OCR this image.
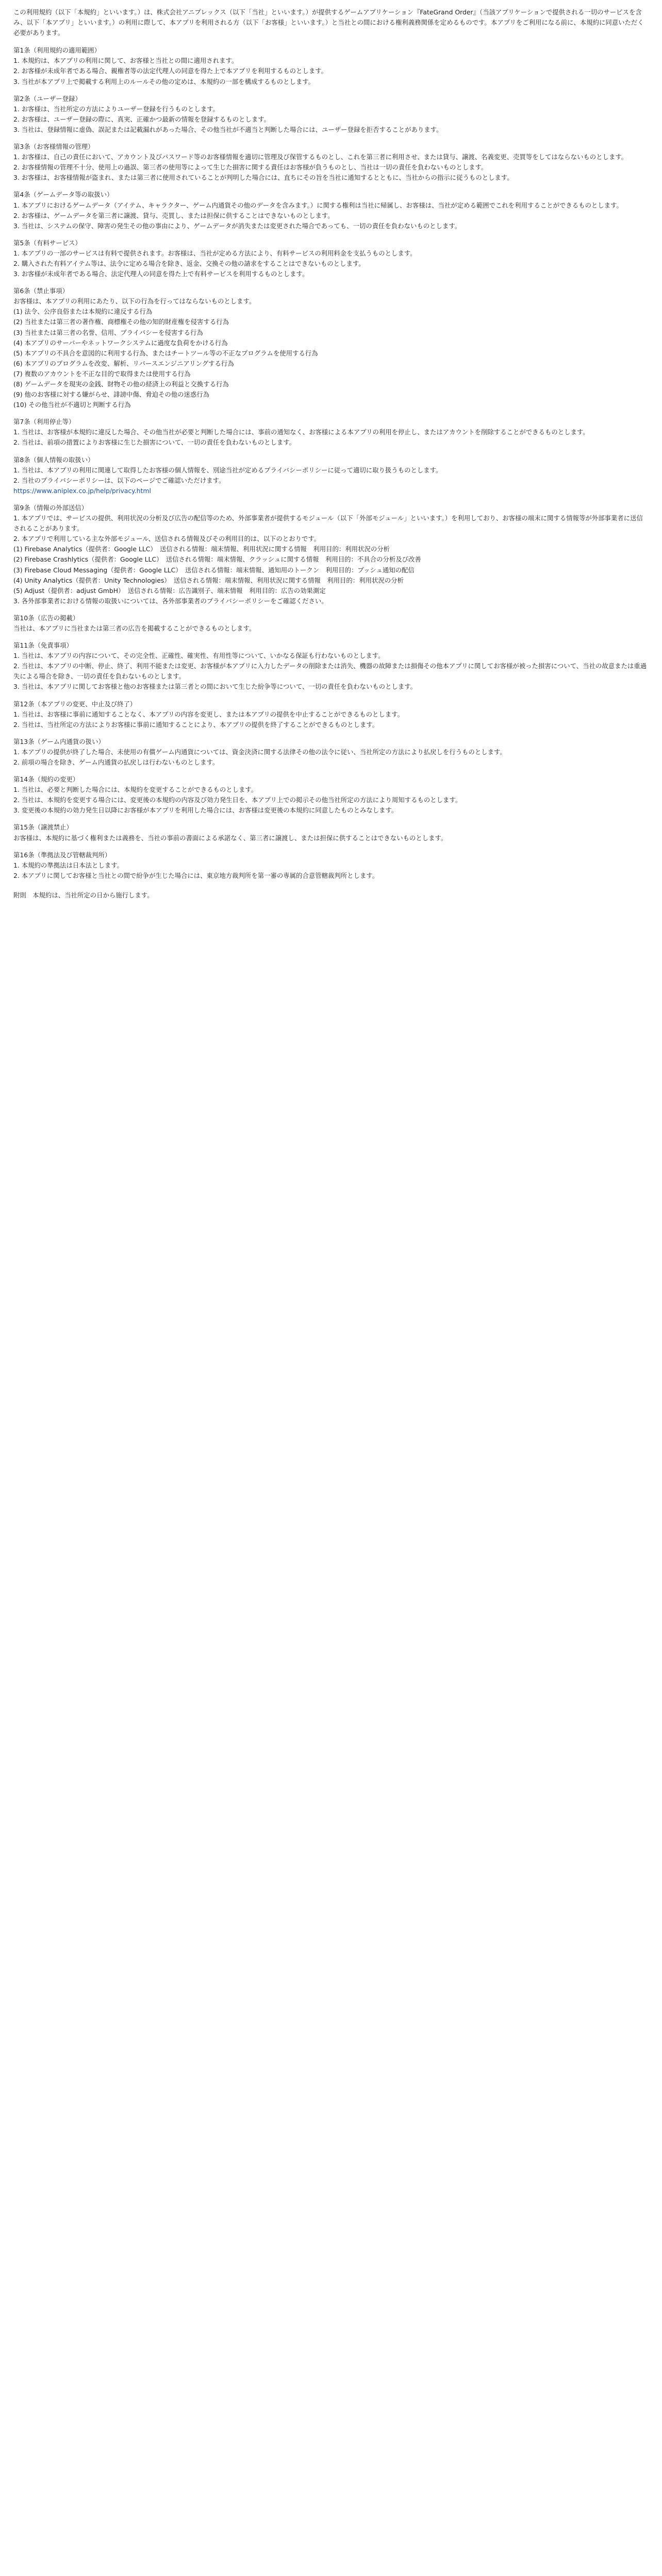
この利用規約（以下「本規約」といいます。）は、株式会社アニプレックス（以下「当社」といいます。）が提供するゲームアプリケーション『FateGrand Order』（当該アプリケーションで提供される一切のサービスを含み、以下「本アプリ」といいます。）の利用に際して、本アプリを利用される方（以下「お客様」といいます。）と当社との間における権利義務関係を定めるものです。本アプリをご利用になる前に、本規約に同意いただく必要があります。

第1条（利用規約の適用範囲）

1. 本規約は、本アプリの利用に関して、お客様と当社との間に適用されます。

2. お客様が未成年者である場合、親権者等の法定代理人の同意を得た上で本アプリを利用するものとします。

3. 当社が本アプリ上で掲載する利用上のルールその他の定めは、本規約の一部を構成するものとします。

第2条（ユーザー登録）

1. お客様は、当社所定の方法によりユーザー登録を行うものとします。

2. お客様は、ユーザー登録の際に、真実、正確かつ最新の情報を登録するものとします。

3. 当社は、登録情報に虚偽、誤記または記載漏れがあった場合、その他当社が不適当と判断した場合には、ユーザー登録を拒否することがあります。

第3条（お客様情報の管理）

1. お客様は、自己の責任において、アカウント及びパスワード等のお客様情報を適切に管理及び保管するものとし、これを第三者に利用させ、または貸与、譲渡、名義変更、売買等をしてはならないものとします。

2. お客様情報の管理不十分、使用上の過誤、第三者の使用等によって生じた損害に関する責任はお客様が負うものとし、当社は一切の責任を負わないものとします。

3. お客様は、お客様情報が盗まれ、または第三者に使用されていることが判明した場合には、直ちにその旨を当社に通知するとともに、当社からの指示に従うものとします。

第4条（ゲームデータ等の取扱い）

1. 本アプリにおけるゲームデータ（アイテム、キャラクター、ゲーム内通貨その他のデータを含みます。）に関する権利は当社に帰属し、お客様は、当社が定める範囲でこれを利用することができるものとします。

2. お客様は、ゲームデータを第三者に譲渡、貸与、売買し、または担保に供することはできないものとします。

3. 当社は、システムの保守、障害の発生その他の事由により、ゲームデータが消失または変更された場合であっても、一切の責任を負わないものとします。

第5条（有料サービス）

1. 本アプリの一部のサービスは有料で提供されます。お客様は、当社が定める方法により、有料サービスの利用料金を支払うものとします。

2. 購入された有料アイテム等は、法令に定める場合を除き、返金、交換その他の請求をすることはできないものとします。

3. お客様が未成年者である場合、法定代理人の同意を得た上で有料サービスを利用するものとします。

第6条（禁止事項）

お客様は、本アプリの利用にあたり、以下の行為を行ってはならないものとします。

(1) 法令、公序良俗または本規約に違反する行為

(2) 当社または第三者の著作権、商標権その他の知的財産権を侵害する行為

(3) 当社または第三者の名誉、信用、プライバシーを侵害する行為

(4) 本アプリのサーバーやネットワークシステムに過度な負荷をかける行為

(5) 本アプリの不具合を意図的に利用する行為、またはチートツール等の不正なプログラムを使用する行為

(6) 本アプリのプログラムを改変、解析、リバースエンジニアリングする行為

(7) 複数のアカウントを不正な目的で取得または使用する行為

(8) ゲームデータを現実の金銭、財物その他の経済上の利益と交換する行為

(9) 他のお客様に対する嫌がらせ、誹謗中傷、脅迫その他の迷惑行為

(10) その他当社が不適切と判断する行為

第7条（利用停止等）

1. 当社は、お客様が本規約に違反した場合、その他当社が必要と判断した場合には、事前の通知なく、お客様による本アプリの利用を停止し、またはアカウントを削除することができるものとします。

2. 当社は、前項の措置によりお客様に生じた損害について、一切の責任を負わないものとします。

第8条（個人情報の取扱い）

1. 当社は、本アプリの利用に関連して取得したお客様の個人情報を、別途当社が定めるプライバシーポリシーに従って適切に取り扱うものとします。

2. 当社のプライバシーポリシーは、以下のページでご確認いただけます。

https://www.aniplex.co.jp/help/privacy.html

第9条（情報の外部送信）

1. 本アプリでは、サービスの提供、利用状況の分析及び広告の配信等のため、外部事業者が提供するモジュール（以下「外部モジュール」といいます。）を利用しており、お客様の端末に関する情報等が外部事業者に送信されることがあります。

2. 本アプリで利用している主な外部モジュール、送信される情報及びその利用目的は、以下のとおりです。

(1) Firebase Analytics（提供者：Google LLC）　送信される情報：端末情報、利用状況に関する情報　利用目的：利用状況の分析

(2) Firebase Crashlytics（提供者：Google LLC）　送信される情報：端末情報、クラッシュに関する情報　利用目的：不具合の分析及び改善

(3) Firebase Cloud Messaging（提供者：Google LLC）　送信される情報：端末情報、通知用のトークン　利用目的：プッシュ通知の配信

(4) Unity Analytics（提供者：Unity Technologies）　送信される情報：端末情報、利用状況に関する情報　利用目的：利用状況の分析

(5) Adjust（提供者：adjust GmbH）　送信される情報：広告識別子、端末情報　利用目的：広告の効果測定

3. 各外部事業者における情報の取扱いについては、各外部事業者のプライバシーポリシーをご確認ください。

第10条（広告の掲載）

当社は、本アプリに当社または第三者の広告を掲載することができるものとします。

第11条（免責事項）

1. 当社は、本アプリの内容について、その完全性、正確性、確実性、有用性等について、いかなる保証も行わないものとします。

2. 当社は、本アプリの中断、停止、終了、利用不能または変更、お客様が本アプリに入力したデータの削除または消失、機器の故障または損傷その他本アプリに関してお客様が被った損害について、当社の故意または重過失による場合を除き、一切の責任を負わないものとします。

3. 当社は、本アプリに関してお客様と他のお客様または第三者との間において生じた紛争等について、一切の責任を負わないものとします。

第12条（本アプリの変更、中止及び終了）

1. 当社は、お客様に事前に通知することなく、本アプリの内容を変更し、または本アプリの提供を中止することができるものとします。

2. 当社は、当社所定の方法によりお客様に事前に通知することにより、本アプリの提供を終了することができるものとします。

第13条（ゲーム内通貨の扱い）

1. 本アプリの提供が終了した場合、未使用の有償ゲーム内通貨については、資金決済に関する法律その他の法令に従い、当社所定の方法により払戻しを行うものとします。

2. 前項の場合を除き、ゲーム内通貨の払戻しは行わないものとします。

第14条（規約の変更）

1. 当社は、必要と判断した場合には、本規約を変更することができるものとします。

2. 当社は、本規約を変更する場合には、変更後の本規約の内容及び効力発生日を、本アプリ上での掲示その他当社所定の方法により周知するものとします。

3. 変更後の本規約の効力発生日以降にお客様が本アプリを利用した場合には、お客様は変更後の本規約に同意したものとみなします。

第15条（譲渡禁止）

お客様は、本規約に基づく権利または義務を、当社の事前の書面による承諾なく、第三者に譲渡し、または担保に供することはできないものとします。

第16条（準拠法及び管轄裁判所）

1. 本規約の準拠法は日本法とします。

2. 本アプリに関してお客様と当社との間で紛争が生じた場合には、東京地方裁判所を第一審の専属的合意管轄裁判所とします。

附則　本規約は、当社所定の日から施行します。
